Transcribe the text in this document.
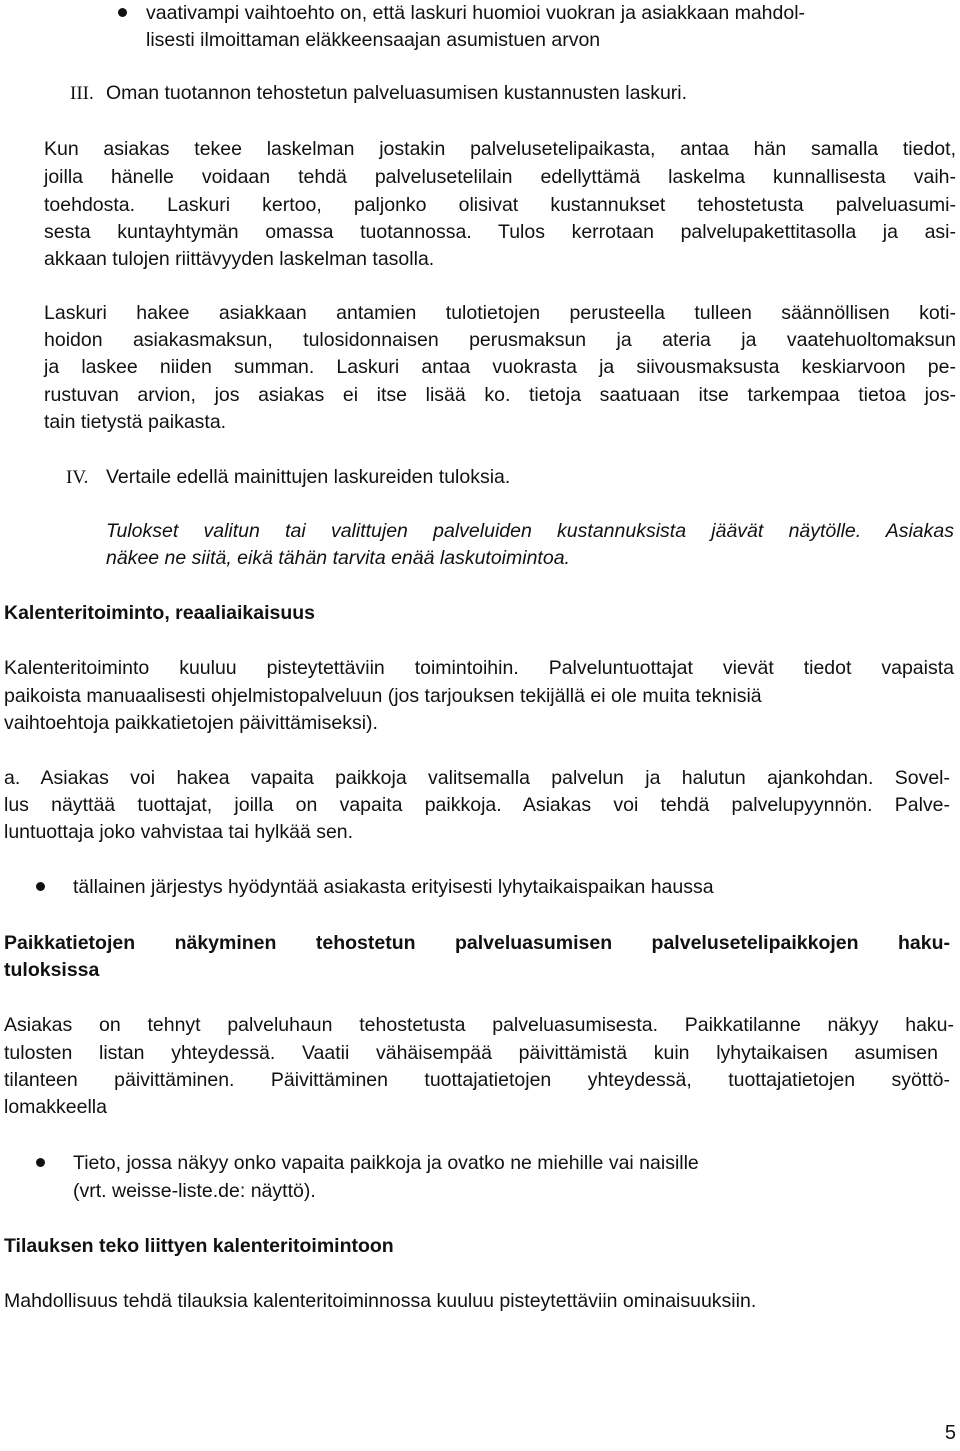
vaativampi vaihtoehto on, että laskuri huomioi vuokran ja asiakkaan mahdol-
lisesti ilmoittaman eläkkeensaajan asumistuen arvon
III. Oman tuotannon tehostetun palveluasumisen kustannusten laskuri.
Kun asiakas tekee laskelman jostakin palvelusetelipaikasta, antaa hän samalla tiedot,
joilla hänelle voidaan tehdä palvelusetelilain edellyttämä laskelma kunnallisesta vaih-
toehdosta. Laskuri kertoo, paljonko olisivat kustannukset tehostetusta palveluasumi-
sesta kuntayhtymän omassa tuotannossa. Tulos kerrotaan palvelupakettitasolla ja asi-
akkaan tulojen riittävyyden laskelman tasolla.
Laskuri hakee asiakkaan antamien tulotietojen perusteella tulleen säännöllisen koti-
hoidon asiakasmaksun, tulosidonnaisen perusmaksun ja ateria ja vaatehuoltomaksun
ja laskee niiden summan. Laskuri antaa vuokrasta ja siivousmaksusta keskiarvoon pe-
rustuvan arvion, jos asiakas ei itse lisää ko. tietoja saatuaan itse tarkempaa tietoa jos-
tain tietystä paikasta.
IV. Vertaile edellä mainittujen laskureiden tuloksia.
Tulokset valitun tai valittujen palveluiden kustannuksista jäävät näytölle. Asiakas
näkee ne siitä, eikä tähän tarvita enää laskutoimintoa.
Kalenteritoiminto, reaaliaikaisuus
Kalenteritoiminto kuuluu pisteytettäviin toimintoihin. Palveluntuottajat vievät tiedot vapaista
paikoista manuaalisesti ohjelmistopalveluun (jos tarjouksen tekijällä ei ole muita teknisiä
vaihtoehtoja paikkatietojen päivittämiseksi).
a. Asiakas voi hakea vapaita paikkoja valitsemalla palvelun ja halutun ajankohdan. Sovel-
lus näyttää tuottajat, joilla on vapaita paikkoja. Asiakas voi tehdä palvelupyynnön. Palve-
luntuottaja joko vahvistaa tai hylkää sen.
tällainen järjestys hyödyntää asiakasta erityisesti lyhytaikaispaikan haussa
Paikkatietojen näkyminen tehostetun palveluasumisen palvelusetelipaikkojen haku-
tuloksissa
Asiakas on tehnyt palveluhaun tehostetusta palveluasumisesta. Paikkatilanne näkyy haku-
tulosten listan yhteydessä. Vaatii vähäisempää päivittämistä kuin lyhytaikaisen asumisen
tilanteen päivittäminen. Päivittäminen tuottajatietojen yhteydessä, tuottajatietojen syöttö-
lomakkeella
Tieto, jossa näkyy onko vapaita paikkoja ja ovatko ne miehille vai naisille
(vrt. weisse-liste.de: näyttö).
Tilauksen teko liittyen kalenteritoimintoon
Mahdollisuus tehdä tilauksia kalenteritoiminnossa kuuluu pisteytettäviin ominaisuuksiin.
5
